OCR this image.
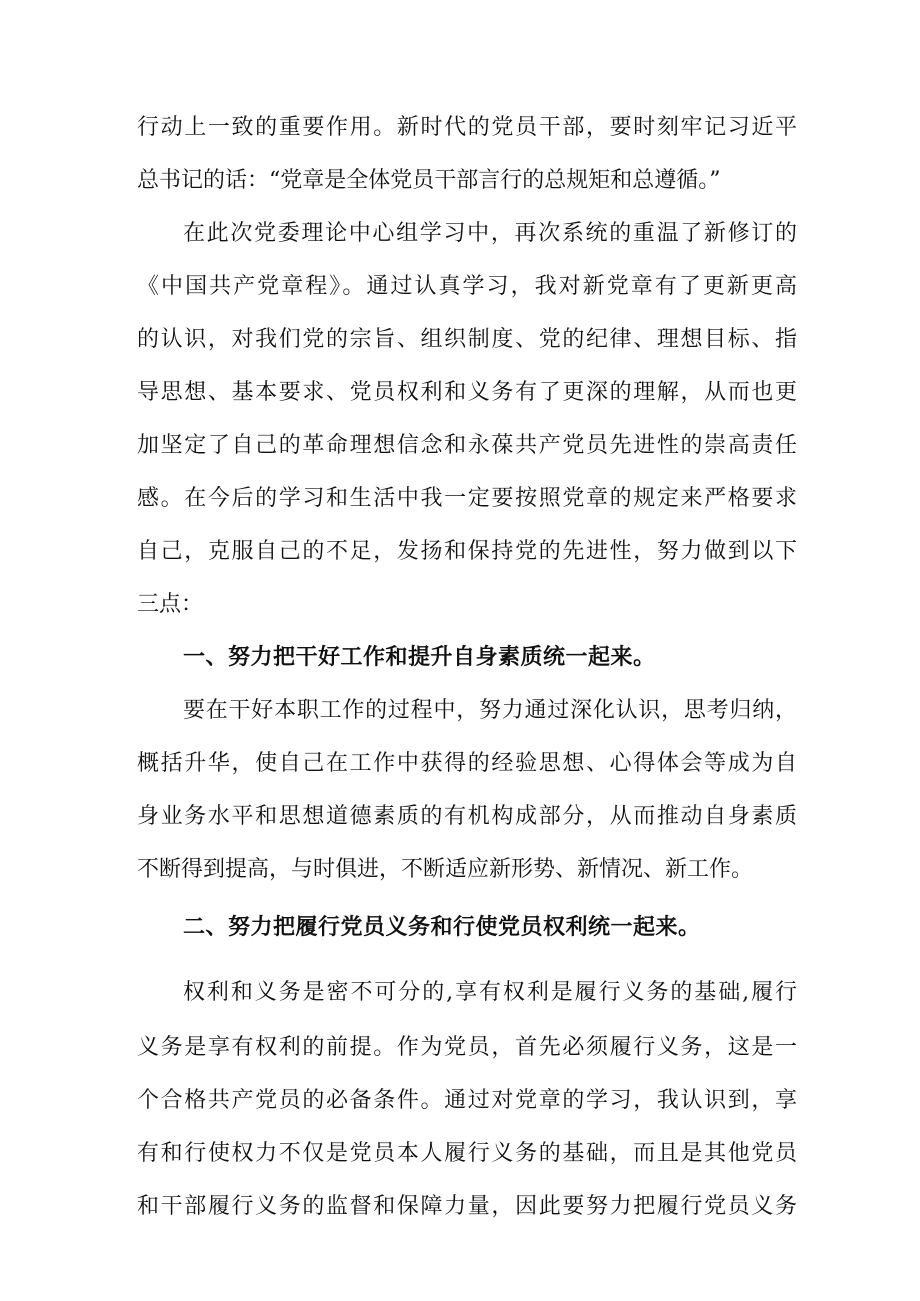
行动上一致的重要作用。新时代的党员干部，要时刻牢记习近平
总书记的话：“党章是全体党员干部言行的总规矩和总遵循。”
在此次党委理论中心组学习中，再次系统的重温了新修订的
《中国共产党章程》。通过认真学习，我对新党章有了更新更高
的认识，对我们党的宗旨、组织制度、党的纪律、理想目标、指
导思想、基本要求、党员权利和义务有了更深的理解，从而也更
加坚定了自己的革命理想信念和永葆共产党员先进性的崇高责任
感。在今后的学习和生活中我一定要按照党章的规定来严格要求
自己，克服自己的不足，发扬和保持党的先进性，努力做到以下
三点：
一、努力把干好工作和提升自身素质统一起来。
要在干好本职工作的过程中，努力通过深化认识，思考归纳，
概括升华，使自己在工作中获得的经验思想、心得体会等成为自
身业务水平和思想道德素质的有机构成部分，从而推动自身素质
不断得到提高，与时俱进，不断适应新形势、新情况、新工作。
二、努力把履行党员义务和行使党员权利统一起来。
权利和义务是密不可分的,享有权利是履行义务的基础,履行
义务是享有权利的前提。作为党员，首先必须履行义务，这是一
个合格共产党员的必备条件。通过对党章的学习，我认识到，享
有和行使权力不仅是党员本人履行义务的基础，而且是其他党员
和干部履行义务的监督和保障力量，因此要努力把履行党员义务
